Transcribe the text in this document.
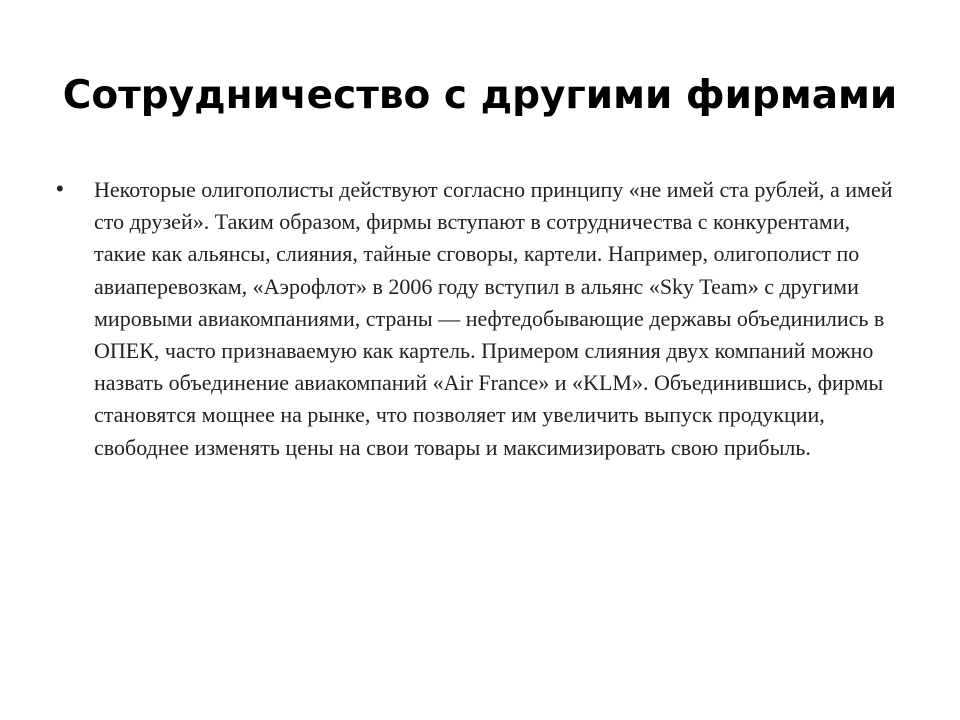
Сотрудничество с другими фирмами
• Некоторые олигополисты действуют согласно принципу «не имей ста рублей, а имей сто друзей». Таким образом, фирмы вступают в сотрудничества с конкурентами, такие как альянсы, слияния, тайные сговоры, картели. Например, олигополист по авиаперевозкам, «Аэрофлот» в 2006 году вступил в альянс «Sky Team» с другими мировыми авиакомпаниями, страны — нефтедобывающие державы объединились в ОПЕК, часто признаваемую как картель. Примером слияния двух компаний можно назвать объединение авиакомпаний «Air France» и «KLM». Объединившись, фирмы становятся мощнее на рынке, что позволяет им увеличить выпуск продукции, свободнее изменять цены на свои товары и максимизировать свою прибыль.
